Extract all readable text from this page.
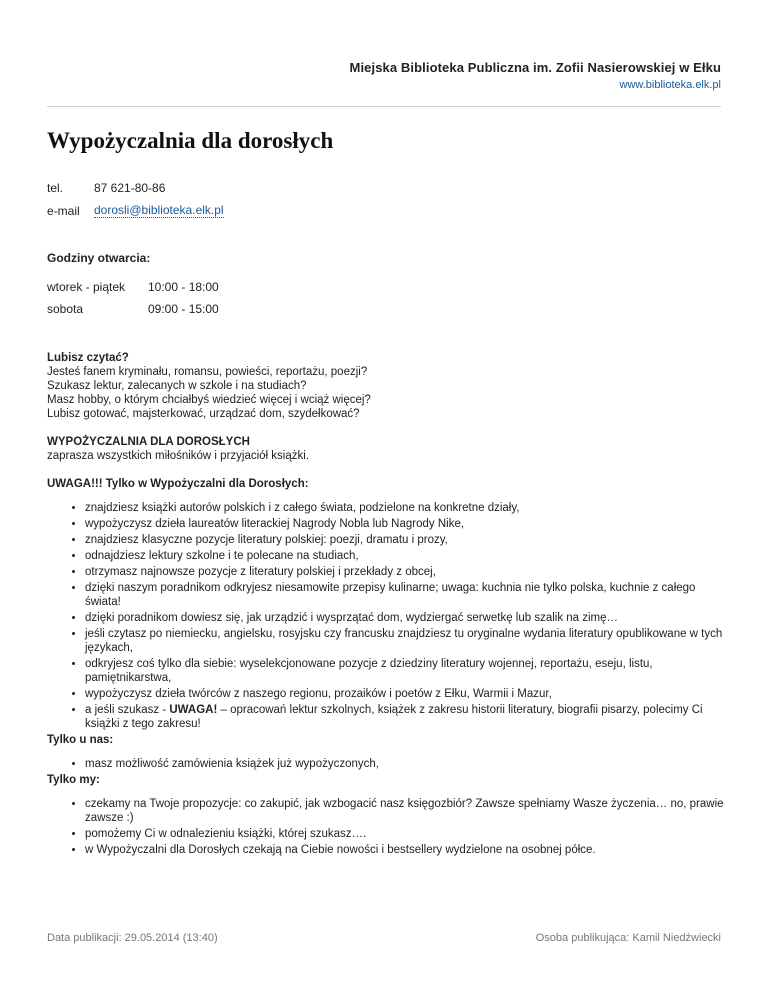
Miejska Biblioteka Publiczna im. Zofii Nasierowskiej w Ełku
www.biblioteka.elk.pl
Wypożyczalnia dla dorosłych
tel.	87 621-80-86
e-mail	dorosli@biblioteka.elk.pl
Godziny otwarcia:
wtorek - piątek	10:00 - 18:00
sobota	09:00 - 15:00

Lubisz czytać?

Jesteś fanem kryminału, romansu, powieści, reportażu, poezji?

Szukasz lektur, zalecanych w szkole i na studiach?

Masz hobby, o którym chciałbyś wiedzieć więcej i wciąż więcej?

Lubisz gotować, majsterkować, urządzać dom, szydełkować?

WYPOŻYCZALNIA DLA DOROSŁYCH

zaprasza wszystkich miłośników i przyjaciół książki.

UWAGA!!! Tylko w Wypożyczalni dla Dorosłych:

• znajdziesz książki autorów polskich i z całego świata, podzielone na konkretne działy,
• wypożyczysz dzieła laureatów literackiej Nagrody Nobla lub Nagrody Nike,
• znajdziesz klasyczne pozycje literatury polskiej: poezji, dramatu i prozy,
• odnajdziesz lektury szkolne i te polecane na studiach,
• otrzymasz najnowsze pozycje z literatury polskiej i przekłady z obcej,
• dzięki naszym poradnikom odkryjesz niesamowite przepisy kulinarne; uwaga: kuchnia nie tylko polska, kuchnie z całego świata!
• dzięki poradnikom dowiesz się, jak urządzić i wysprzątać dom, wydziergać serwetkę lub szalik na zimę…
• jeśli czytasz po niemiecku, angielsku, rosyjsku czy francusku znajdziesz tu oryginalne wydania literatury opublikowane w tych językach,
• odkryjesz coś tylko dla siebie: wyselekcjonowane pozycje z dziedziny literatury wojennej, reportażu, eseju, listu, pamiętnikarstwa,
• wypożyczysz dzieła twórców z naszego regionu, prozaików i poetów z Ełku, Warmii i Mazur,
• a jeśli szukasz - UWAGA! – opracowań lektur szkolnych, książek z zakresu historii literatury, biografii pisarzy, polecimy Ci książki z tego zakresu!

Tylko u nas:

• masz możliwość zamówienia książek już wypożyczonych,

Tylko my:

• czekamy na Twoje propozycje: co zakupić, jak wzbogacić nasz księgozbiór? Zawsze spełniamy Wasze życzenia… no, prawie zawsze :)
• pomożemy Ci w odnalezieniu książki, której szukasz….
• w Wypożyczalni dla Dorosłych czekają na Ciebie nowości i bestsellery wydzielone na osobnej półce.
Data publikacji: 29.05.2014 (13:40)	Osoba publikująca: Kamil Niedźwiecki
